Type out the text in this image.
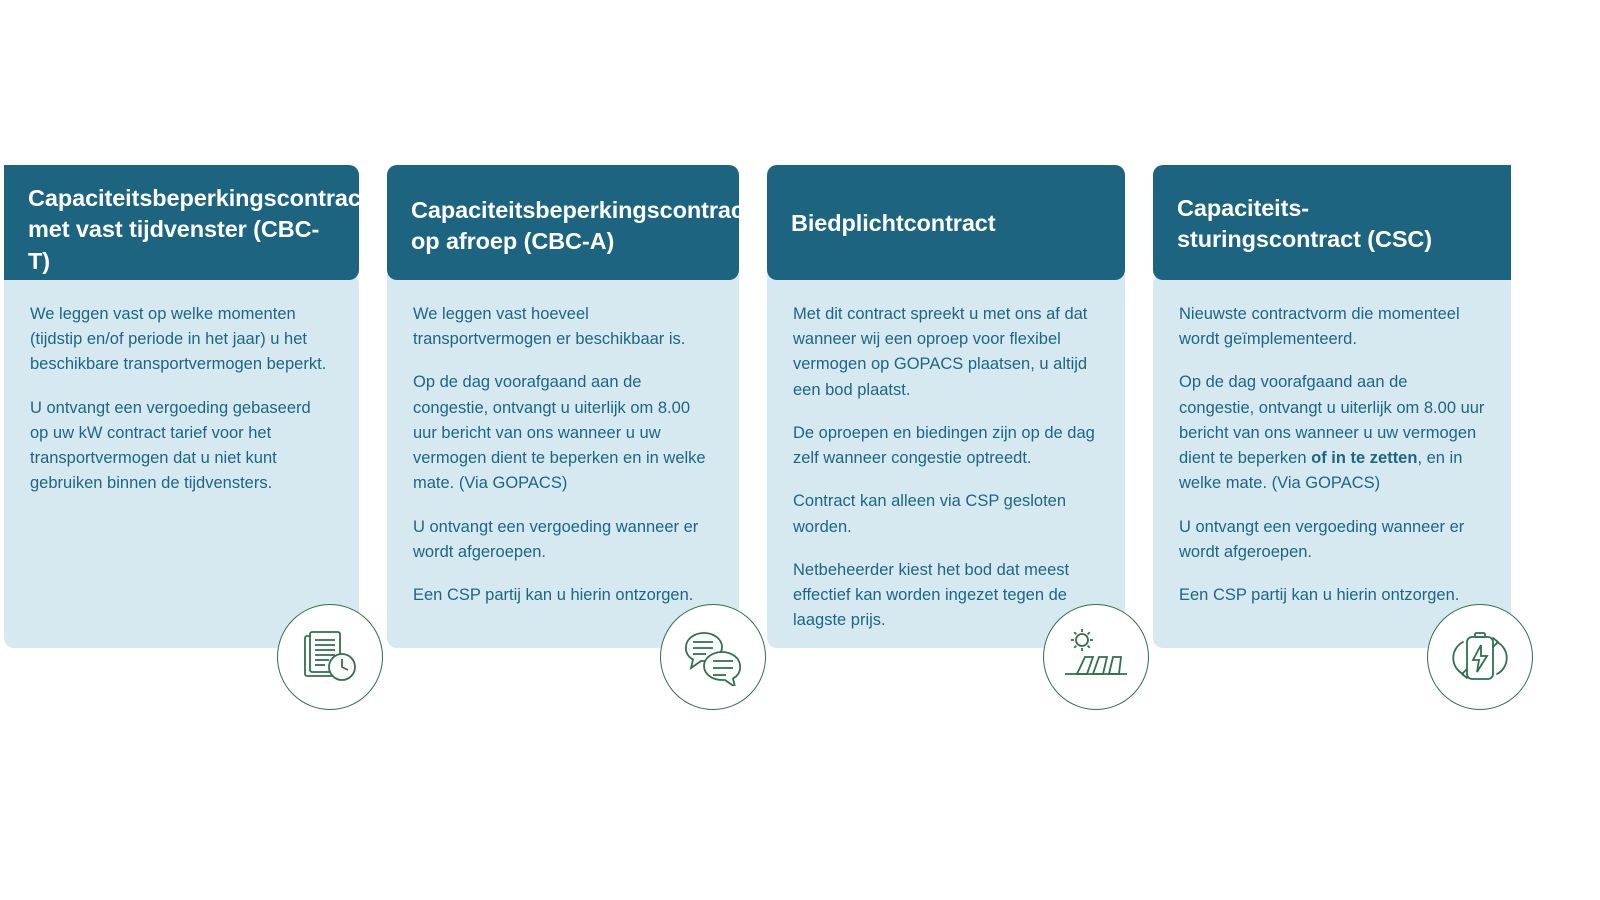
Capaciteitsbeperkingscontract met vast tijdvenster (CBC-T)

We leggen vast op welke momenten (tijdstip en/of periode in het jaar) u het beschikbare transportvermogen beperkt.

U ontvangt een vergoeding gebaseerd op uw kW contract tarief voor het transportvermogen dat u niet kunt gebruiken binnen de tijdvensters.

Capaciteitsbeperkingscontract op afroep (CBC-A)

We leggen vast hoeveel transportvermogen er beschikbaar is.

Op de dag voorafgaand aan de congestie, ontvangt u uiterlijk om 8.00 uur bericht van ons wanneer u uw vermogen dient te beperken en in welke mate. (Via GOPACS)

U ontvangt een vergoeding wanneer er wordt afgeroepen.

Een CSP partij kan u hierin ontzorgen.

Biedplichtcontract

Met dit contract spreekt u met ons af dat wanneer wij een oproep voor flexibel vermogen op GOPACS plaatsen, u altijd een bod plaatst.

De oproepen en biedingen zijn op de dag zelf wanneer congestie optreedt.

Contract kan alleen via CSP gesloten worden.

Netbeheerder kiest het bod dat meest effectief kan worden ingezet tegen de laagste prijs.

Capaciteits-sturingscontract (CSC)

Nieuwste contractvorm die momenteel wordt geïmplementeerd.

Op de dag voorafgaand aan de congestie, ontvangt u uiterlijk om 8.00 uur bericht van ons wanneer u uw vermogen dient te beperken of in te zetten, en in welke mate. (Via GOPACS)

U ontvangt een vergoeding wanneer er wordt afgeroepen.

Een CSP partij kan u hierin ontzorgen.
